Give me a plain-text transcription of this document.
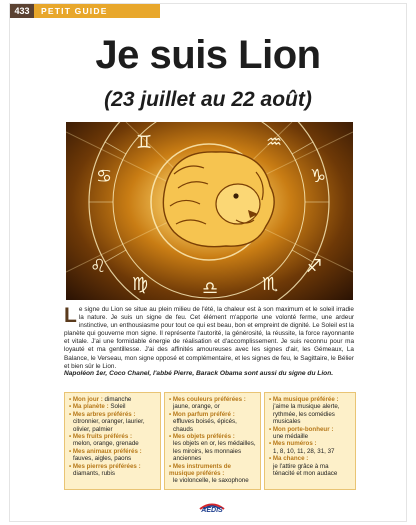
433	PETIT GUIDE
Je suis Lion
(23 juillet au 22 août)
♌
♍	♏
♐
♋	♑
♊	♒
♎
Le signe du Lion se situe au plein milieu de l'été, la chaleur est à son maximum et le soleil irradie la nature. Je suis un signe de feu. Cet élément m'apporte une volonté ferme, une ardeur instinctive, un enthousiasme pour tout ce qui est beau, bon et empreint de dignité. Le Soleil est la planète qui gouverne mon signe. Il représente l'autorité, la générosité, la réussite, la force rayonnante et vitale. J'ai une formidable énergie de réalisation et d'accomplissement. Je suis reconnu pour ma loyauté et ma gentillesse. J'ai des affinités amoureuses avec les signes d'air, les Gémeaux, La Balance, le Verseau, mon signe opposé et complémentaire, et les signes de feu, le Sagittaire, le Bélier et bien sûr le Lion.
Napoléon 1er, Coco Chanel, l'abbé Pierre, Barack Obama sont aussi du signe du Lion.
• Mon jour : dimanche
• Ma planète : Soleil
• Mes arbres préférés :
citronnier, oranger, laurier, olivier, palmier
• Mes fruits préférés :
melon, orange, grenade
• Mes animaux préférés :
fauves, aigles, paons
• Mes pierres préférées :
diamants, rubis
• Mes couleurs préférées :
jaune, orange, or
• Mon parfum préféré :
effluves boisés, épicés, chauds
• Mes objets préférés :
les objets en or, les médailles, les miroirs, les monnaies anciennes
• Mes instruments de musique préférés :
le violoncelle, le saxophone
• Ma musique préférée :
j'aime la musique alerte, rythmée, les comédies musicales
• Mon porte-bonheur :
une médaille
• Mes numéros :
1, 8, 10, 11, 28, 31, 37
• Ma chance :
je l'attire grâce à ma ténacité et mon audace
AEDIS
